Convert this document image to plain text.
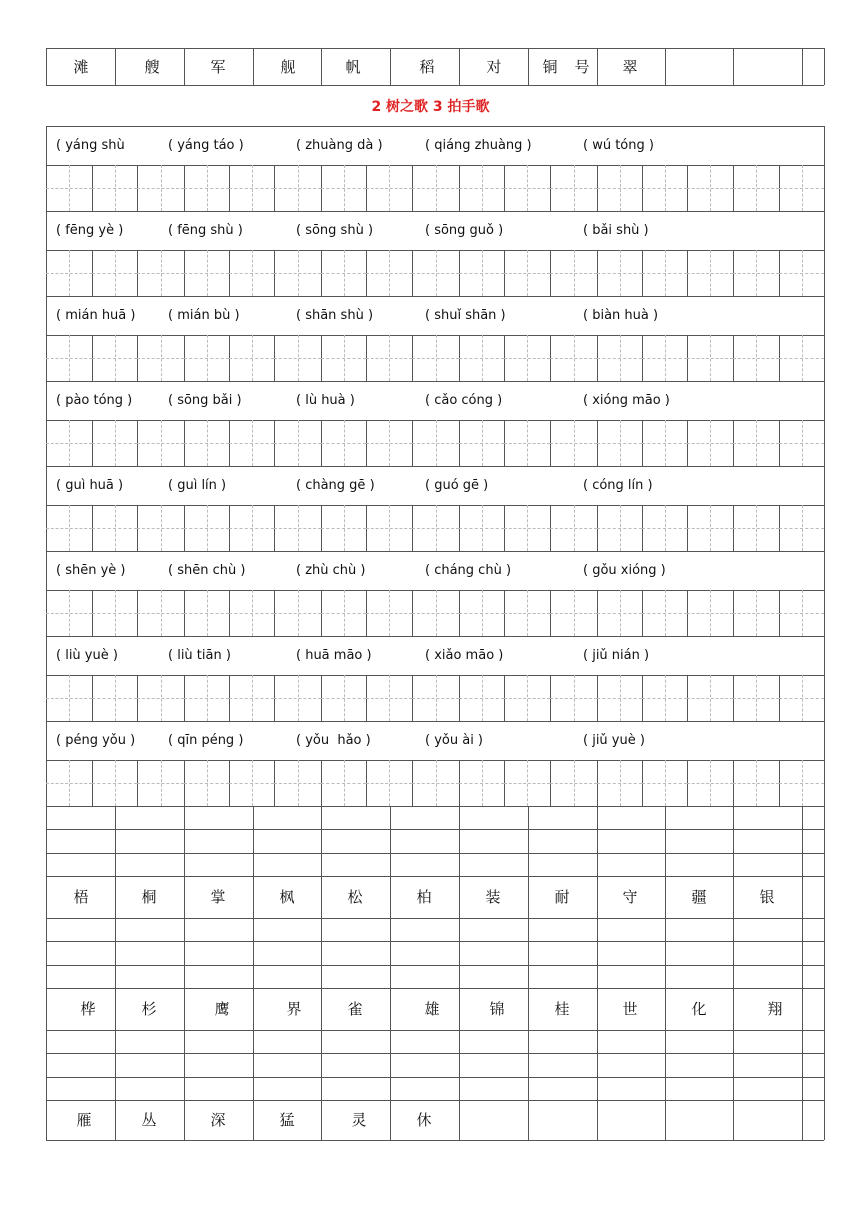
滩	艘	军	舰	帆	稻	对	铜	号	翠
( yáng shù	( yáng táo )	( zhuàng dà )	( qiáng zhuàng )	( wú tóng )
( fēng yè )	( fēng shù )	( sōng shù )	( sōng guǒ )	( bǎi shù )
( mián huā )	( mián bù )	( shān shù )	( shuǐ shān )	( biàn huà )
( pào tóng )	( sōng bǎi )	( lù huà )	( cǎo cóng )	( xióng māo )
( guì huā )	( guì lín )	( chàng gē )	( guó gē )	( cóng lín )
( shēn yè )	( shēn chù )	( zhù chù )	( cháng chù )	( gǒu xióng )
( liù yuè )	( liù tiān )	( huā māo )	( xiǎo māo )	( jiǔ nián )
( péng yǒu )	( qīn péng )	( yǒu  hǎo )	( yǒu ài )	( jiǔ yuè )
梧	桐	掌	枫	松	柏	装	耐	守	疆	银
桦	杉	鹰	界	雀	雄	锦	桂	世	化	翔
雁	丛	深	猛	灵	休
2 树之歌 3 拍手歌
